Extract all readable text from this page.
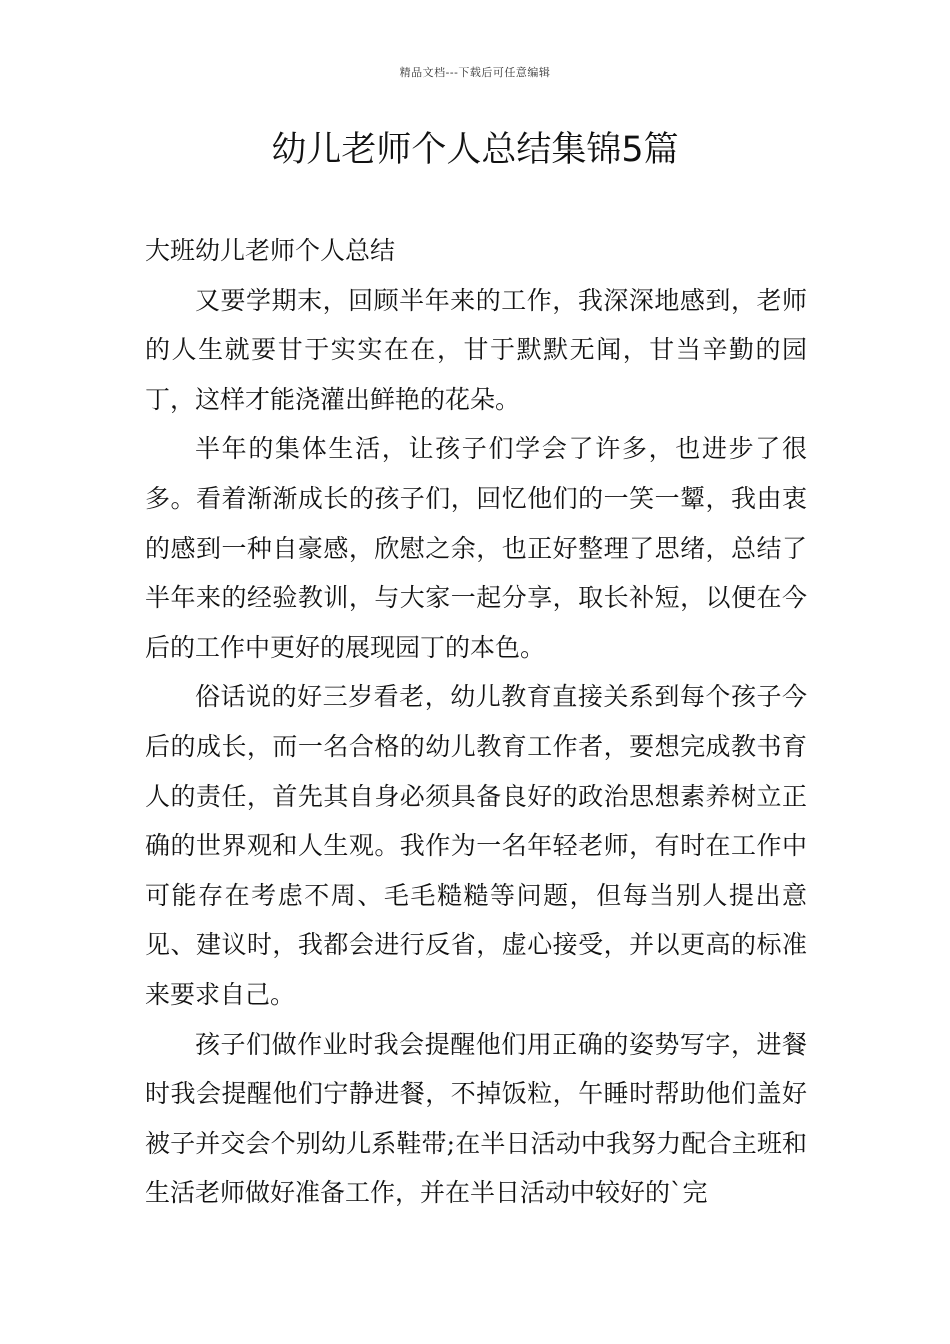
精品文档---下载后可任意编辑
幼儿老师个人总结集锦5篇

大班幼儿老师个人总结

又要学期末，回顾半年来的工作，我深深地感到，老师的人生就要甘于实实在在，甘于默默无闻，甘当辛勤的园丁，这样才能浇灌出鲜艳的花朵。

半年的集体生活，让孩子们学会了许多，也进步了很多。看着渐渐成长的孩子们，回忆他们的一笑一颦，我由衷的感到一种自豪感，欣慰之余，也正好整理了思绪，总结了半年来的经验教训，与大家一起分享，取长补短，以便在今后的工作中更好的展现园丁的本色。

俗话说的好三岁看老，幼儿教育直接关系到每个孩子今后的成长，而一名合格的幼儿教育工作者，要想完成教书育人的责任，首先其自身必须具备良好的政治思想素养树立正确的世界观和人生观。我作为一名年轻老师，有时在工作中可能存在考虑不周、毛毛糙糙等问题，但每当别人提出意见、建议时，我都会进行反省，虚心接受，并以更高的标准来要求自己。

孩子们做作业时我会提醒他们用正确的姿势写字，进餐时我会提醒他们宁静进餐，不掉饭粒，午睡时帮助他们盖好被子并交会个别幼儿系鞋带;在半日活动中我努力配合主班和生活老师做好准备工作，并在半日活动中较好的`完
